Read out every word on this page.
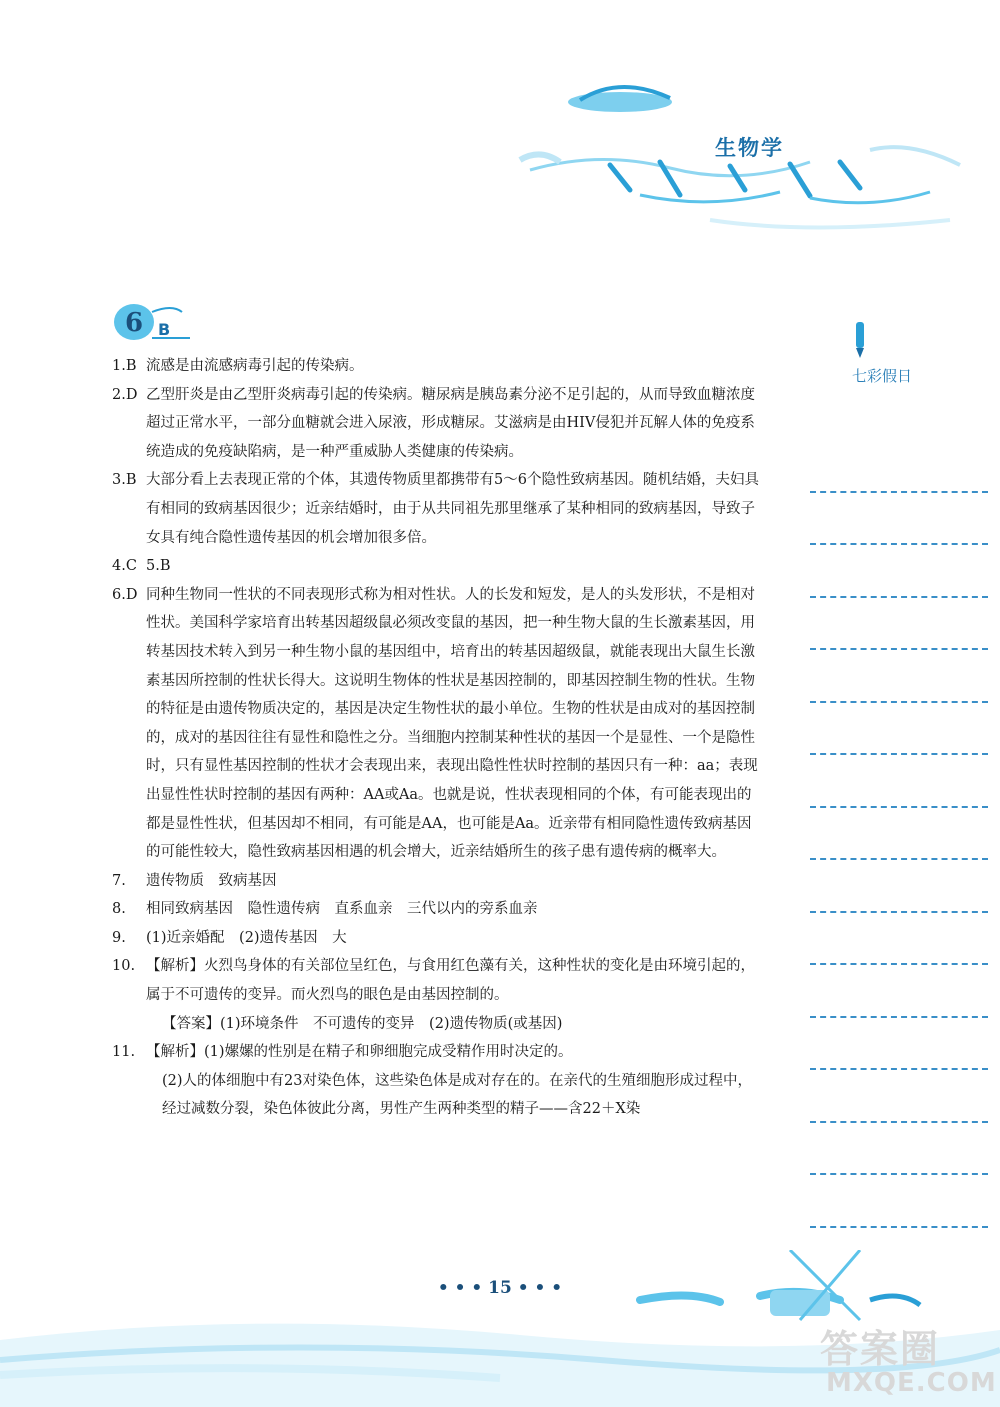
生物学
6 B
七彩假日
1.B 流感是由流感病毒引起的传染病。
2.D 乙型肝炎是由乙型肝炎病毒引起的传染病。糖尿病是胰岛素分泌不足引起的，从而导致血糖浓度超过正常水平，一部分血糖就会进入尿液，形成糖尿。艾滋病是由HIV侵犯并瓦解人体的免疫系统造成的免疫缺陷病，是一种严重威胁人类健康的传染病。
3.B 大部分看上去表现正常的个体，其遗传物质里都携带有5～6个隐性致病基因。随机结婚，夫妇具有相同的致病基因很少；近亲结婚时，由于从共同祖先那里继承了某种相同的致病基因，导致子女具有纯合隐性遗传基因的机会增加很多倍。
4.C 5.B
6.D 同种生物同一性状的不同表现形式称为相对性状。人的长发和短发，是人的头发形状，不是相对性状。美国科学家培育出转基因超级鼠必须改变鼠的基因，把一种生物大鼠的生长激素基因，用转基因技术转入到另一种生物小鼠的基因组中，培育出的转基因超级鼠，就能表现出大鼠生长激素基因所控制的性状长得大。这说明生物体的性状是基因控制的，即基因控制生物的性状。生物的特征是由遗传物质决定的，基因是决定生物性状的最小单位。生物的性状是由成对的基因控制的，成对的基因往往有显性和隐性之分。当细胞内控制某种性状的基因一个是显性、一个是隐性时，只有显性基因控制的性状才会表现出来，表现出隐性性状时控制的基因只有一种：aa；表现出显性性状时控制的基因有两种：AA或Aa。也就是说，性状表现相同的个体，有可能表现出的都是显性性状，但基因却不相同，有可能是AA，也可能是Aa。近亲带有相同隐性遗传致病基因的可能性较大，隐性致病基因相遇的机会增大，近亲结婚所生的孩子患有遗传病的概率大。
7.	遗传物质　致病基因
8.	相同致病基因　隐性遗传病　直系血亲　三代以内的旁系血亲
9.	(1)近亲婚配　(2)遗传基因　大
10. 【解析】火烈鸟身体的有关部位呈红色，与食用红色藻有关，这种性状的变化是由环境引起的，属于不可遗传的变异。而火烈鸟的眼色是由基因控制的。
【答案】(1)环境条件　不可遗传的变异　(2)遗传物质(或基因)
11. 【解析】(1)嫘嫘的性别是在精子和卵细胞完成受精作用时决定的。
(2)人的体细胞中有23对染色体，这些染色体是成对存在的。在亲代的生殖细胞形成过程中，经过减数分裂，染色体彼此分离，男性产生两种类型的精子——含22＋X染
• • • 15 • • •
答案圈
MXQE.COM
